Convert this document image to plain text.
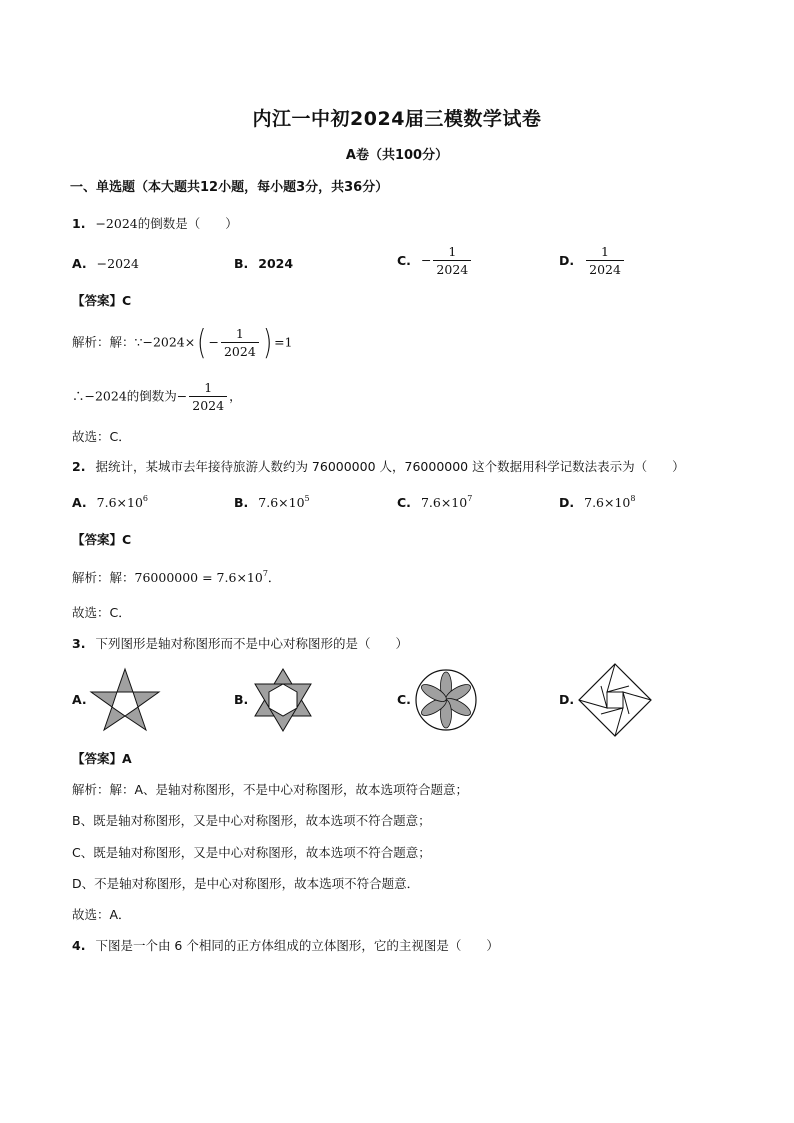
内江一中初2024届三模数学试卷
A卷（共100分）
一、单选题（本大题共12小题，每小题3分，共36分）
1. −2024的倒数是（　　）
A. −2024	B. 2024	C. − $\frac{1}{2024}$	D. $\frac{1}{2024}$
【答案】C
解析：解：∵−2024×( − $\frac{1}{2024}$ ) =1
∴−2024的倒数为− $\frac{1}{2024}$ ，
故选：C．
2. 据统计，某城市去年接待旅游人数约为 76000000 人，76000000 这个数据用科学记数法表示为（　　）
A. $7.6\times 10^6$	B. $7.6\times 10^5$	C. $7.6\times 10^7$	D. $7.6\times 10^8$
【答案】C
解析：解：$76000000 = 7.6\times 10^7$．
故选：C．
3. 下列图形是轴对称图形而不是中心对称图形的是（　　）
A.	B.	C.	D.
【答案】A
解析：解：A、是轴对称图形，不是中心对称图形，故本选项符合题意；
B、既是轴对称图形，又是中心对称图形，故本选项不符合题意；
C、既是轴对称图形，又是中心对称图形，故本选项不符合题意；
D、不是轴对称图形，是中心对称图形，故本选项不符合题意．
故选：A．
4. 下图是一个由 6 个相同的正方体组成的立体图形，它的主视图是（　　）
